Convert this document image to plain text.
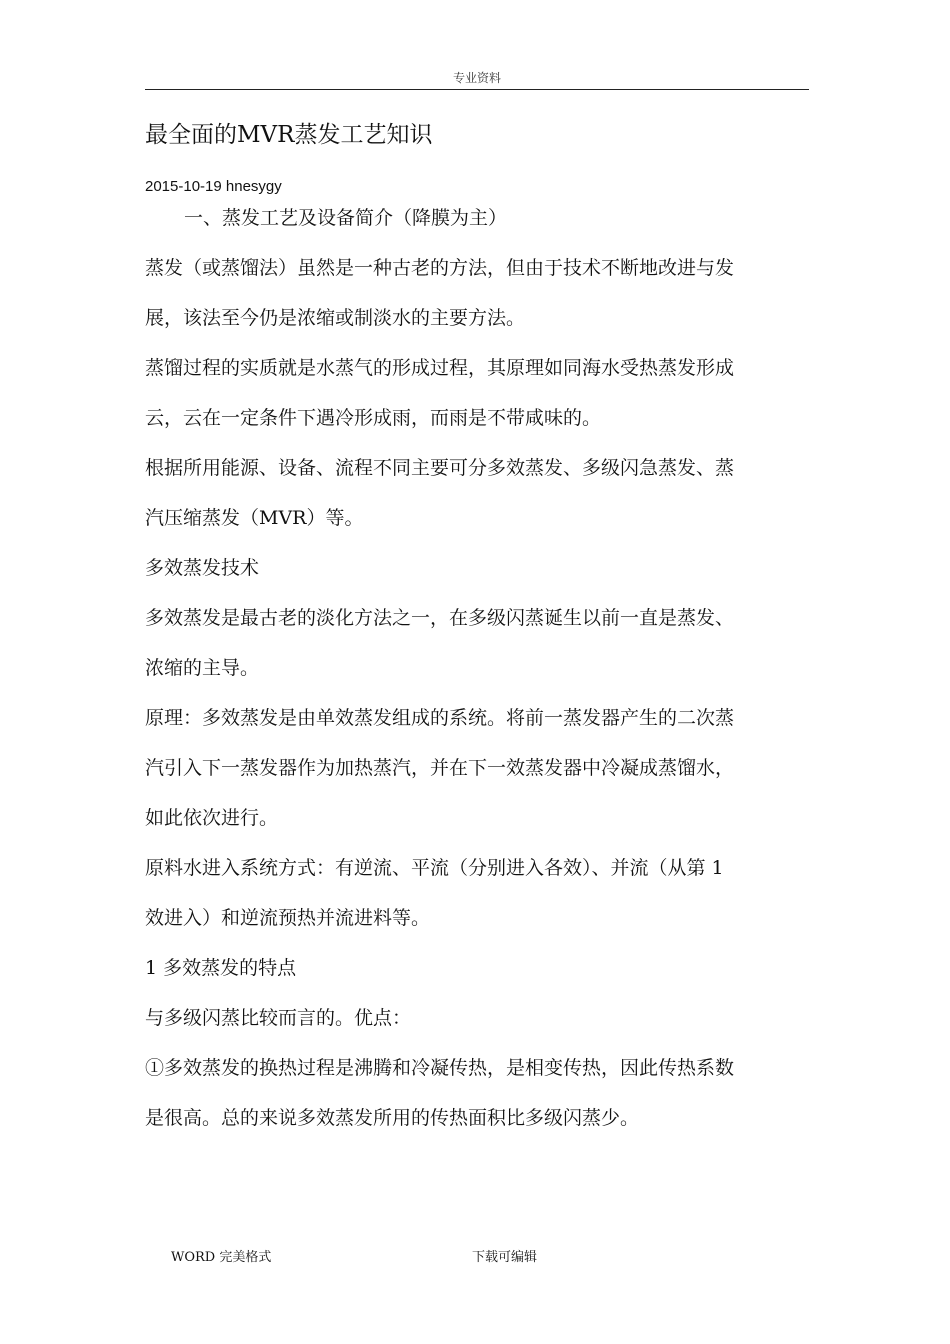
专业资料
最全面的MVR蒸发工艺知识
2015-10-19 hnesygy
一、蒸发工艺及设备简介（降膜为主）
蒸发（或蒸馏法）虽然是一种古老的方法，但由于技术不断地改进与发
展，该法至今仍是浓缩或制淡水的主要方法。
蒸馏过程的实质就是水蒸气的形成过程，其原理如同海水受热蒸发形成
云，云在一定条件下遇冷形成雨，而雨是不带咸味的。
根据所用能源、设备、流程不同主要可分多效蒸发、多级闪急蒸发、蒸
汽压缩蒸发（MVR）等。
多效蒸发技术
多效蒸发是最古老的淡化方法之一，在多级闪蒸诞生以前一直是蒸发、
浓缩的主导。
原理：多效蒸发是由单效蒸发组成的系统。将前一蒸发器产生的二次蒸
汽引入下一蒸发器作为加热蒸汽，并在下一效蒸发器中冷凝成蒸馏水，
如此依次进行。
原料水进入系统方式：有逆流、平流（分别进入各效）、并流（从第 1
效进入）和逆流预热并流进料等。
1 多效蒸发的特点
与多级闪蒸比较而言的。优点：
①多效蒸发的换热过程是沸腾和冷凝传热，是相变传热，因此传热系数
是很高。总的来说多效蒸发所用的传热面积比多级闪蒸少。
WORD 完美格式	下载可编辑
